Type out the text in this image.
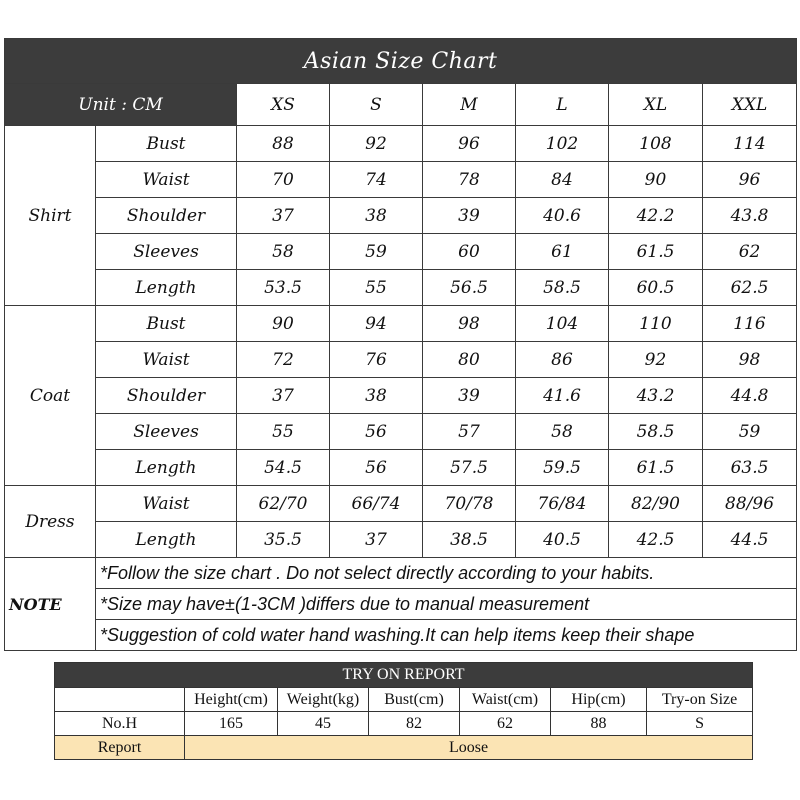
Asian Size Chart							
Unit : CM		XS	S	M	L	XL	XXL
Shirt	Bust	88	92	96	102	108	114
	Waist	70	74	78	84	90	96
	Shoulder	37	38	39	40.6	42.2	43.8
	Sleeves	58	59	60	61	61.5	62
	Length	53.5	55	56.5	58.5	60.5	62.5
Coat	Bust	90	94	98	104	110	116
	Waist	72	76	80	86	92	98
	Shoulder	37	38	39	41.6	43.2	44.8
	Sleeves	55	56	57	58	58.5	59
	Length	54.5	56	57.5	59.5	61.5	63.5
Dress	Waist	62/70	66/74	70/78	76/84	82/90	88/96
	Length	35.5	37	38.5	40.5	42.5	44.5
NOTE	*Follow the size chart . Do not select directly according to your habits.						
	*Size may have±(1-3CM )differs due to manual measurement						
	*Suggestion of cold water hand washing.It can help items keep their shape						
TRY ON REPORT						
	Height(cm)	Weight(kg)	Bust(cm)	Waist(cm)	Hip(cm)	Try-on Size
No.H	165	45	82	62	88	S
Report	Loose					
